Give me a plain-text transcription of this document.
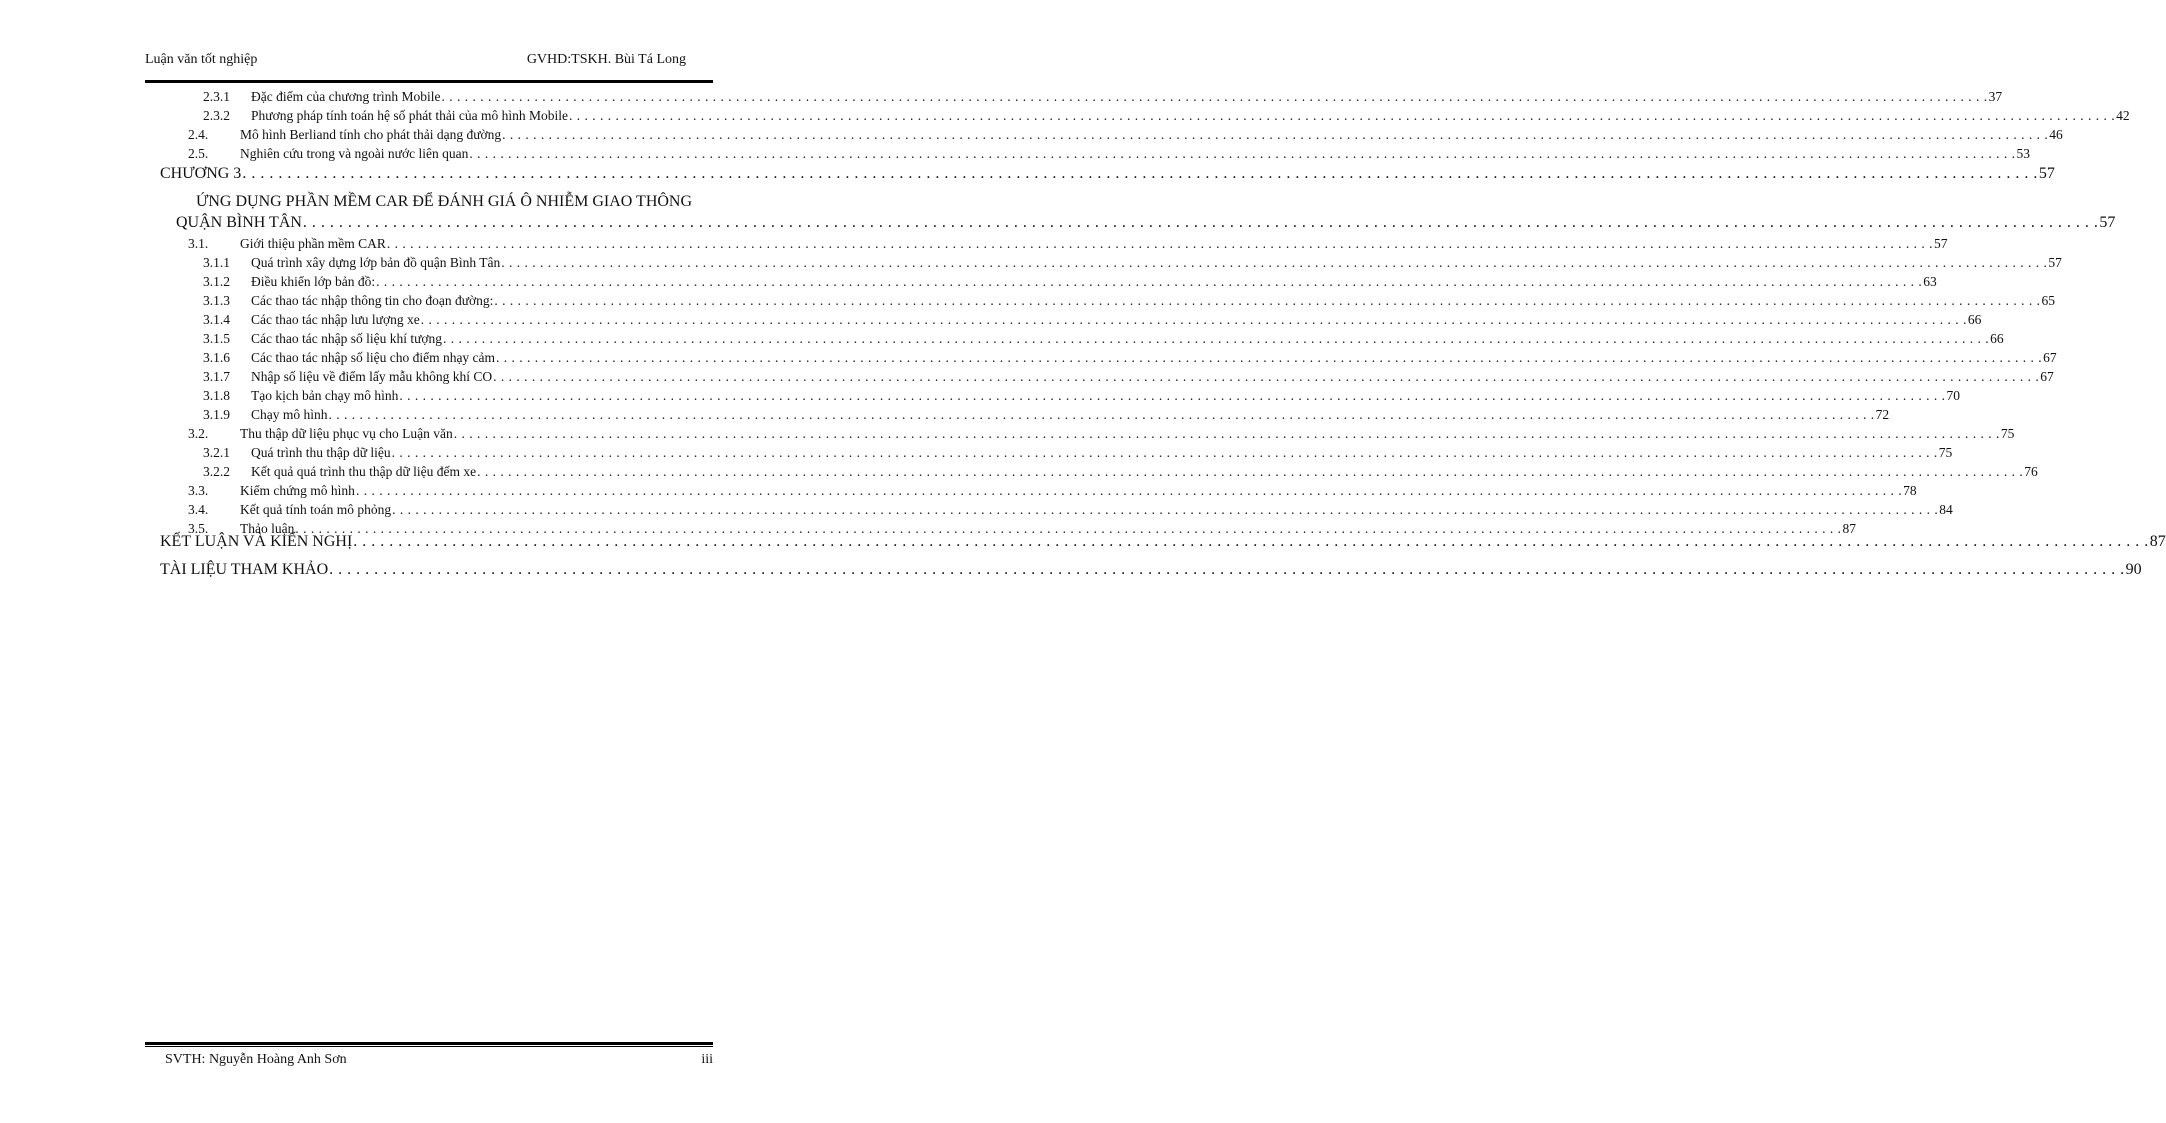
Luận văn tốt nghiệp	GVHD:TSKH. Bùi Tá Long
2.3.1	Đặc điểm của chương trình Mobile . . . . . . . . . . . . . . . . . . . . . . . . . . . . . . . . . . . . . . . . . . . . . . . . . . . . . . . . . . . . . . . . . . . . . . . . . . . . . . . . . . . . . . . . . . . . . . . . . . . . . . . . . . . . . . . . . . . . . . . . . . . . . . . . . . . . . . . . . . . . . . . . . . . . . . . . . . . . . . . . . . . . . . . . . . . . . . . . . . . . . . . . . . . . . . . . . . . . . . . . 37
2.3.2	Phương pháp tính toán hệ số phát thải của mô hình Mobile . . . . . . . . . . . . . . . . . . . . . . . . . . . . . . . . . . . . . . . . . . . . . . . . . . . . . . . . . . . . . . . . . . . . . . . . . . . . . . . . . . . . . . . . . . . . . . . . . . . . . . . . . . . . . . . . . . . . . . . . . . . . . . . . . . . . . . . . . . . . . . . . . . . . . . . . . . . . . . . . . . . . . . . . . . . . . . . . . . . . . . . . . . . . . . . . . . . . . . . . 42
2.4.	Mô hình Berliand tính cho phát thải dạng đường . . . . . . . . . . . . . . . . . . . . . . . . . . . . . . . . . . . . . . . . . . . . . . . . . . . . . . . . . . . . . . . . . . . . . . . . . . . . . . . . . . . . . . . . . . . . . . . . . . . . . . . . . . . . . . . . . . . . . . . . . . . . . . . . . . . . . . . . . . . . . . . . . . . . . . . . . . . . . . . . . . . . . . . . . . . . . . . . . . . . . . . . . . . . . . . . . . . . . . . . 46
2.5.	Nghiên cứu trong và ngoài nước liên quan . . . . . . . . . . . . . . . . . . . . . . . . . . . . . . . . . . . . . . . . . . . . . . . . . . . . . . . . . . . . . . . . . . . . . . . . . . . . . . . . . . . . . . . . . . . . . . . . . . . . . . . . . . . . . . . . . . . . . . . . . . . . . . . . . . . . . . . . . . . . . . . . . . . . . . . . . . . . . . . . . . . . . . . . . . . . . . . . . . . . . . . . . . . . . . . . . . . . . . . . 53
CHƯƠNG 3 . . . . . . . . . . . . . . . . . . . . . . . . . . . . . . . . . . . . . . . . . . . . . . . . . . . . . . . . . . . . . . . . . . . . . . . . . . . . . . . . . . . . . . . . . . . . . . . . . . . . . . . . . . . . . . . . . . . . . . . . . . . . . . . . . . . . . . . . . . . . . . . . . . . . . . . . . . . . . . . . . . . . . . . . . . . . . . . . . . . . . . . . . . . . . . . . . . . . . . . . 57
ỨNG DỤNG PHẦN MỀM CAR ĐỂ ĐÁNH GIÁ Ô NHIỄM GIAO THÔNG
QUẬN BÌNH TÂN . . . . . . . . . . . . . . . . . . . . . . . . . . . . . . . . . . . . . . . . . . . . . . . . . . . . . . . . . . . . . . . . . . . . . . . . . . . . . . . . . . . . . . . . . . . . . . . . . . . . . . . . . . . . . . . . . . . . . . . . . . . . . . . . . . . . . . . . . . . . . . . . . . . . . . . . . . . . . . . . . . . . . . . . . . . . . . . . . . . . . . . . . . . . . . . . . . . . . . . . 57
3.1.	Giới thiệu phần mềm CAR . . . . . . . . . . . . . . . . . . . . . . . . . . . . . . . . . . . . . . . . . . . . . . . . . . . . . . . . . . . . . . . . . . . . . . . . . . . . . . . . . . . . . . . . . . . . . . . . . . . . . . . . . . . . . . . . . . . . . . . . . . . . . . . . . . . . . . . . . . . . . . . . . . . . . . . . . . . . . . . . . . . . . . . . . . . . . . . . . . . . . . . . . . . . . . . . . . . . . . . . 57
3.1.1	Quá trình xây dựng lớp bản đồ quận Bình Tân . . . . . . . . . . . . . . . . . . . . . . . . . . . . . . . . . . . . . . . . . . . . . . . . . . . . . . . . . . . . . . . . . . . . . . . . . . . . . . . . . . . . . . . . . . . . . . . . . . . . . . . . . . . . . . . . . . . . . . . . . . . . . . . . . . . . . . . . . . . . . . . . . . . . . . . . . . . . . . . . . . . . . . . . . . . . . . . . . . . . . . . . . . . . . . . . . . . . . . . . 57
3.1.2	Điều khiển lớp bản đồ: . . . . . . . . . . . . . . . . . . . . . . . . . . . . . . . . . . . . . . . . . . . . . . . . . . . . . . . . . . . . . . . . . . . . . . . . . . . . . . . . . . . . . . . . . . . . . . . . . . . . . . . . . . . . . . . . . . . . . . . . . . . . . . . . . . . . . . . . . . . . . . . . . . . . . . . . . . . . . . . . . . . . . . . . . . . . . . . . . . . . . . . . . . . . . . . . . . . . . . . . 63
3.1.3	Các thao tác nhập thông tin cho đoạn đường: . . . . . . . . . . . . . . . . . . . . . . . . . . . . . . . . . . . . . . . . . . . . . . . . . . . . . . . . . . . . . . . . . . . . . . . . . . . . . . . . . . . . . . . . . . . . . . . . . . . . . . . . . . . . . . . . . . . . . . . . . . . . . . . . . . . . . . . . . . . . . . . . . . . . . . . . . . . . . . . . . . . . . . . . . . . . . . . . . . . . . . . . . . . . . . . . . . . . . . . . 65
3.1.4	Các thao tác nhập lưu lượng xe . . . . . . . . . . . . . . . . . . . . . . . . . . . . . . . . . . . . . . . . . . . . . . . . . . . . . . . . . . . . . . . . . . . . . . . . . . . . . . . . . . . . . . . . . . . . . . . . . . . . . . . . . . . . . . . . . . . . . . . . . . . . . . . . . . . . . . . . . . . . . . . . . . . . . . . . . . . . . . . . . . . . . . . . . . . . . . . . . . . . . . . . . . . . . . . . . . . . . . . . 66
3.1.5	Các thao tác nhập số liệu khí tượng . . . . . . . . . . . . . . . . . . . . . . . . . . . . . . . . . . . . . . . . . . . . . . . . . . . . . . . . . . . . . . . . . . . . . . . . . . . . . . . . . . . . . . . . . . . . . . . . . . . . . . . . . . . . . . . . . . . . . . . . . . . . . . . . . . . . . . . . . . . . . . . . . . . . . . . . . . . . . . . . . . . . . . . . . . . . . . . . . . . . . . . . . . . . . . . . . . . . . . . . 66
3.1.6	Các thao tác nhập số liệu cho điểm nhạy cảm . . . . . . . . . . . . . . . . . . . . . . . . . . . . . . . . . . . . . . . . . . . . . . . . . . . . . . . . . . . . . . . . . . . . . . . . . . . . . . . . . . . . . . . . . . . . . . . . . . . . . . . . . . . . . . . . . . . . . . . . . . . . . . . . . . . . . . . . . . . . . . . . . . . . . . . . . . . . . . . . . . . . . . . . . . . . . . . . . . . . . . . . . . . . . . . . . . . . . . . . 67
3.1.7	Nhập số liệu về điểm lấy mẫu không khí CO . . . . . . . . . . . . . . . . . . . . . . . . . . . . . . . . . . . . . . . . . . . . . . . . . . . . . . . . . . . . . . . . . . . . . . . . . . . . . . . . . . . . . . . . . . . . . . . . . . . . . . . . . . . . . . . . . . . . . . . . . . . . . . . . . . . . . . . . . . . . . . . . . . . . . . . . . . . . . . . . . . . . . . . . . . . . . . . . . . . . . . . . . . . . . . . . . . . . . . . . 67
3.1.8	Tạo kịch bản chạy mô hình . . . . . . . . . . . . . . . . . . . . . . . . . . . . . . . . . . . . . . . . . . . . . . . . . . . . . . . . . . . . . . . . . . . . . . . . . . . . . . . . . . . . . . . . . . . . . . . . . . . . . . . . . . . . . . . . . . . . . . . . . . . . . . . . . . . . . . . . . . . . . . . . . . . . . . . . . . . . . . . . . . . . . . . . . . . . . . . . . . . . . . . . . . . . . . . . . . . . . . . . 70
3.1.9	Chạy mô hình . . . . . . . . . . . . . . . . . . . . . . . . . . . . . . . . . . . . . . . . . . . . . . . . . . . . . . . . . . . . . . . . . . . . . . . . . . . . . . . . . . . . . . . . . . . . . . . . . . . . . . . . . . . . . . . . . . . . . . . . . . . . . . . . . . . . . . . . . . . . . . . . . . . . . . . . . . . . . . . . . . . . . . . . . . . . . . . . . . . . . . . . . . . . . . . . . . . . . . . . 72
3.2.	Thu thập dữ liệu phục vụ cho Luận văn . . . . . . . . . . . . . . . . . . . . . . . . . . . . . . . . . . . . . . . . . . . . . . . . . . . . . . . . . . . . . . . . . . . . . . . . . . . . . . . . . . . . . . . . . . . . . . . . . . . . . . . . . . . . . . . . . . . . . . . . . . . . . . . . . . . . . . . . . . . . . . . . . . . . . . . . . . . . . . . . . . . . . . . . . . . . . . . . . . . . . . . . . . . . . . . . . . . . . . . . 75
3.2.1	Quá trình thu thập dữ liệu . . . . . . . . . . . . . . . . . . . . . . . . . . . . . . . . . . . . . . . . . . . . . . . . . . . . . . . . . . . . . . . . . . . . . . . . . . . . . . . . . . . . . . . . . . . . . . . . . . . . . . . . . . . . . . . . . . . . . . . . . . . . . . . . . . . . . . . . . . . . . . . . . . . . . . . . . . . . . . . . . . . . . . . . . . . . . . . . . . . . . . . . . . . . . . . . . . . . . . . . 75
3.2.2	Kết quả quá trình thu thập dữ liệu đếm xe . . . . . . . . . . . . . . . . . . . . . . . . . . . . . . . . . . . . . . . . . . . . . . . . . . . . . . . . . . . . . . . . . . . . . . . . . . . . . . . . . . . . . . . . . . . . . . . . . . . . . . . . . . . . . . . . . . . . . . . . . . . . . . . . . . . . . . . . . . . . . . . . . . . . . . . . . . . . . . . . . . . . . . . . . . . . . . . . . . . . . . . . . . . . . . . . . . . . . . . . 76
3.3.	Kiểm chứng mô hình . . . . . . . . . . . . . . . . . . . . . . . . . . . . . . . . . . . . . . . . . . . . . . . . . . . . . . . . . . . . . . . . . . . . . . . . . . . . . . . . . . . . . . . . . . . . . . . . . . . . . . . . . . . . . . . . . . . . . . . . . . . . . . . . . . . . . . . . . . . . . . . . . . . . . . . . . . . . . . . . . . . . . . . . . . . . . . . . . . . . . . . . . . . . . . . . . . . . . . . . 78
3.4.	Kết quả tính toán mô phỏng . . . . . . . . . . . . . . . . . . . . . . . . . . . . . . . . . . . . . . . . . . . . . . . . . . . . . . . . . . . . . . . . . . . . . . . . . . . . . . . . . . . . . . . . . . . . . . . . . . . . . . . . . . . . . . . . . . . . . . . . . . . . . . . . . . . . . . . . . . . . . . . . . . . . . . . . . . . . . . . . . . . . . . . . . . . . . . . . . . . . . . . . . . . . . . . . . . . . . . . . 84
3.5.	Thảo luận . . . . . . . . . . . . . . . . . . . . . . . . . . . . . . . . . . . . . . . . . . . . . . . . . . . . . . . . . . . . . . . . . . . . . . . . . . . . . . . . . . . . . . . . . . . . . . . . . . . . . . . . . . . . . . . . . . . . . . . . . . . . . . . . . . . . . . . . . . . . . . . . . . . . . . . . . . . . . . . . . . . . . . . . . . . . . . . . . . . . . . . . . . . . . . . . . . . . . . . . 87
KẾT LUẬN VÀ KIẾN NGHỊ . . . . . . . . . . . . . . . . . . . . . . . . . . . . . . . . . . . . . . . . . . . . . . . . . . . . . . . . . . . . . . . . . . . . . . . . . . . . . . . . . . . . . . . . . . . . . . . . . . . . . . . . . . . . . . . . . . . . . . . . . . . . . . . . . . . . . . . . . . . . . . . . . . . . . . . . . . . . . . . . . . . . . . . . . . . . . . . . . . . . . . . . . . . . . . . . . . . . . . . . 87
TÀI LIỆU THAM KHẢO . . . . . . . . . . . . . . . . . . . . . . . . . . . . . . . . . . . . . . . . . . . . . . . . . . . . . . . . . . . . . . . . . . . . . . . . . . . . . . . . . . . . . . . . . . . . . . . . . . . . . . . . . . . . . . . . . . . . . . . . . . . . . . . . . . . . . . . . . . . . . . . . . . . . . . . . . . . . . . . . . . . . . . . . . . . . . . . . . . . . . . . . . . . . . . . . . . . . . . . . 90
SVTH: Nguyễn Hoàng Anh Sơn	iii
